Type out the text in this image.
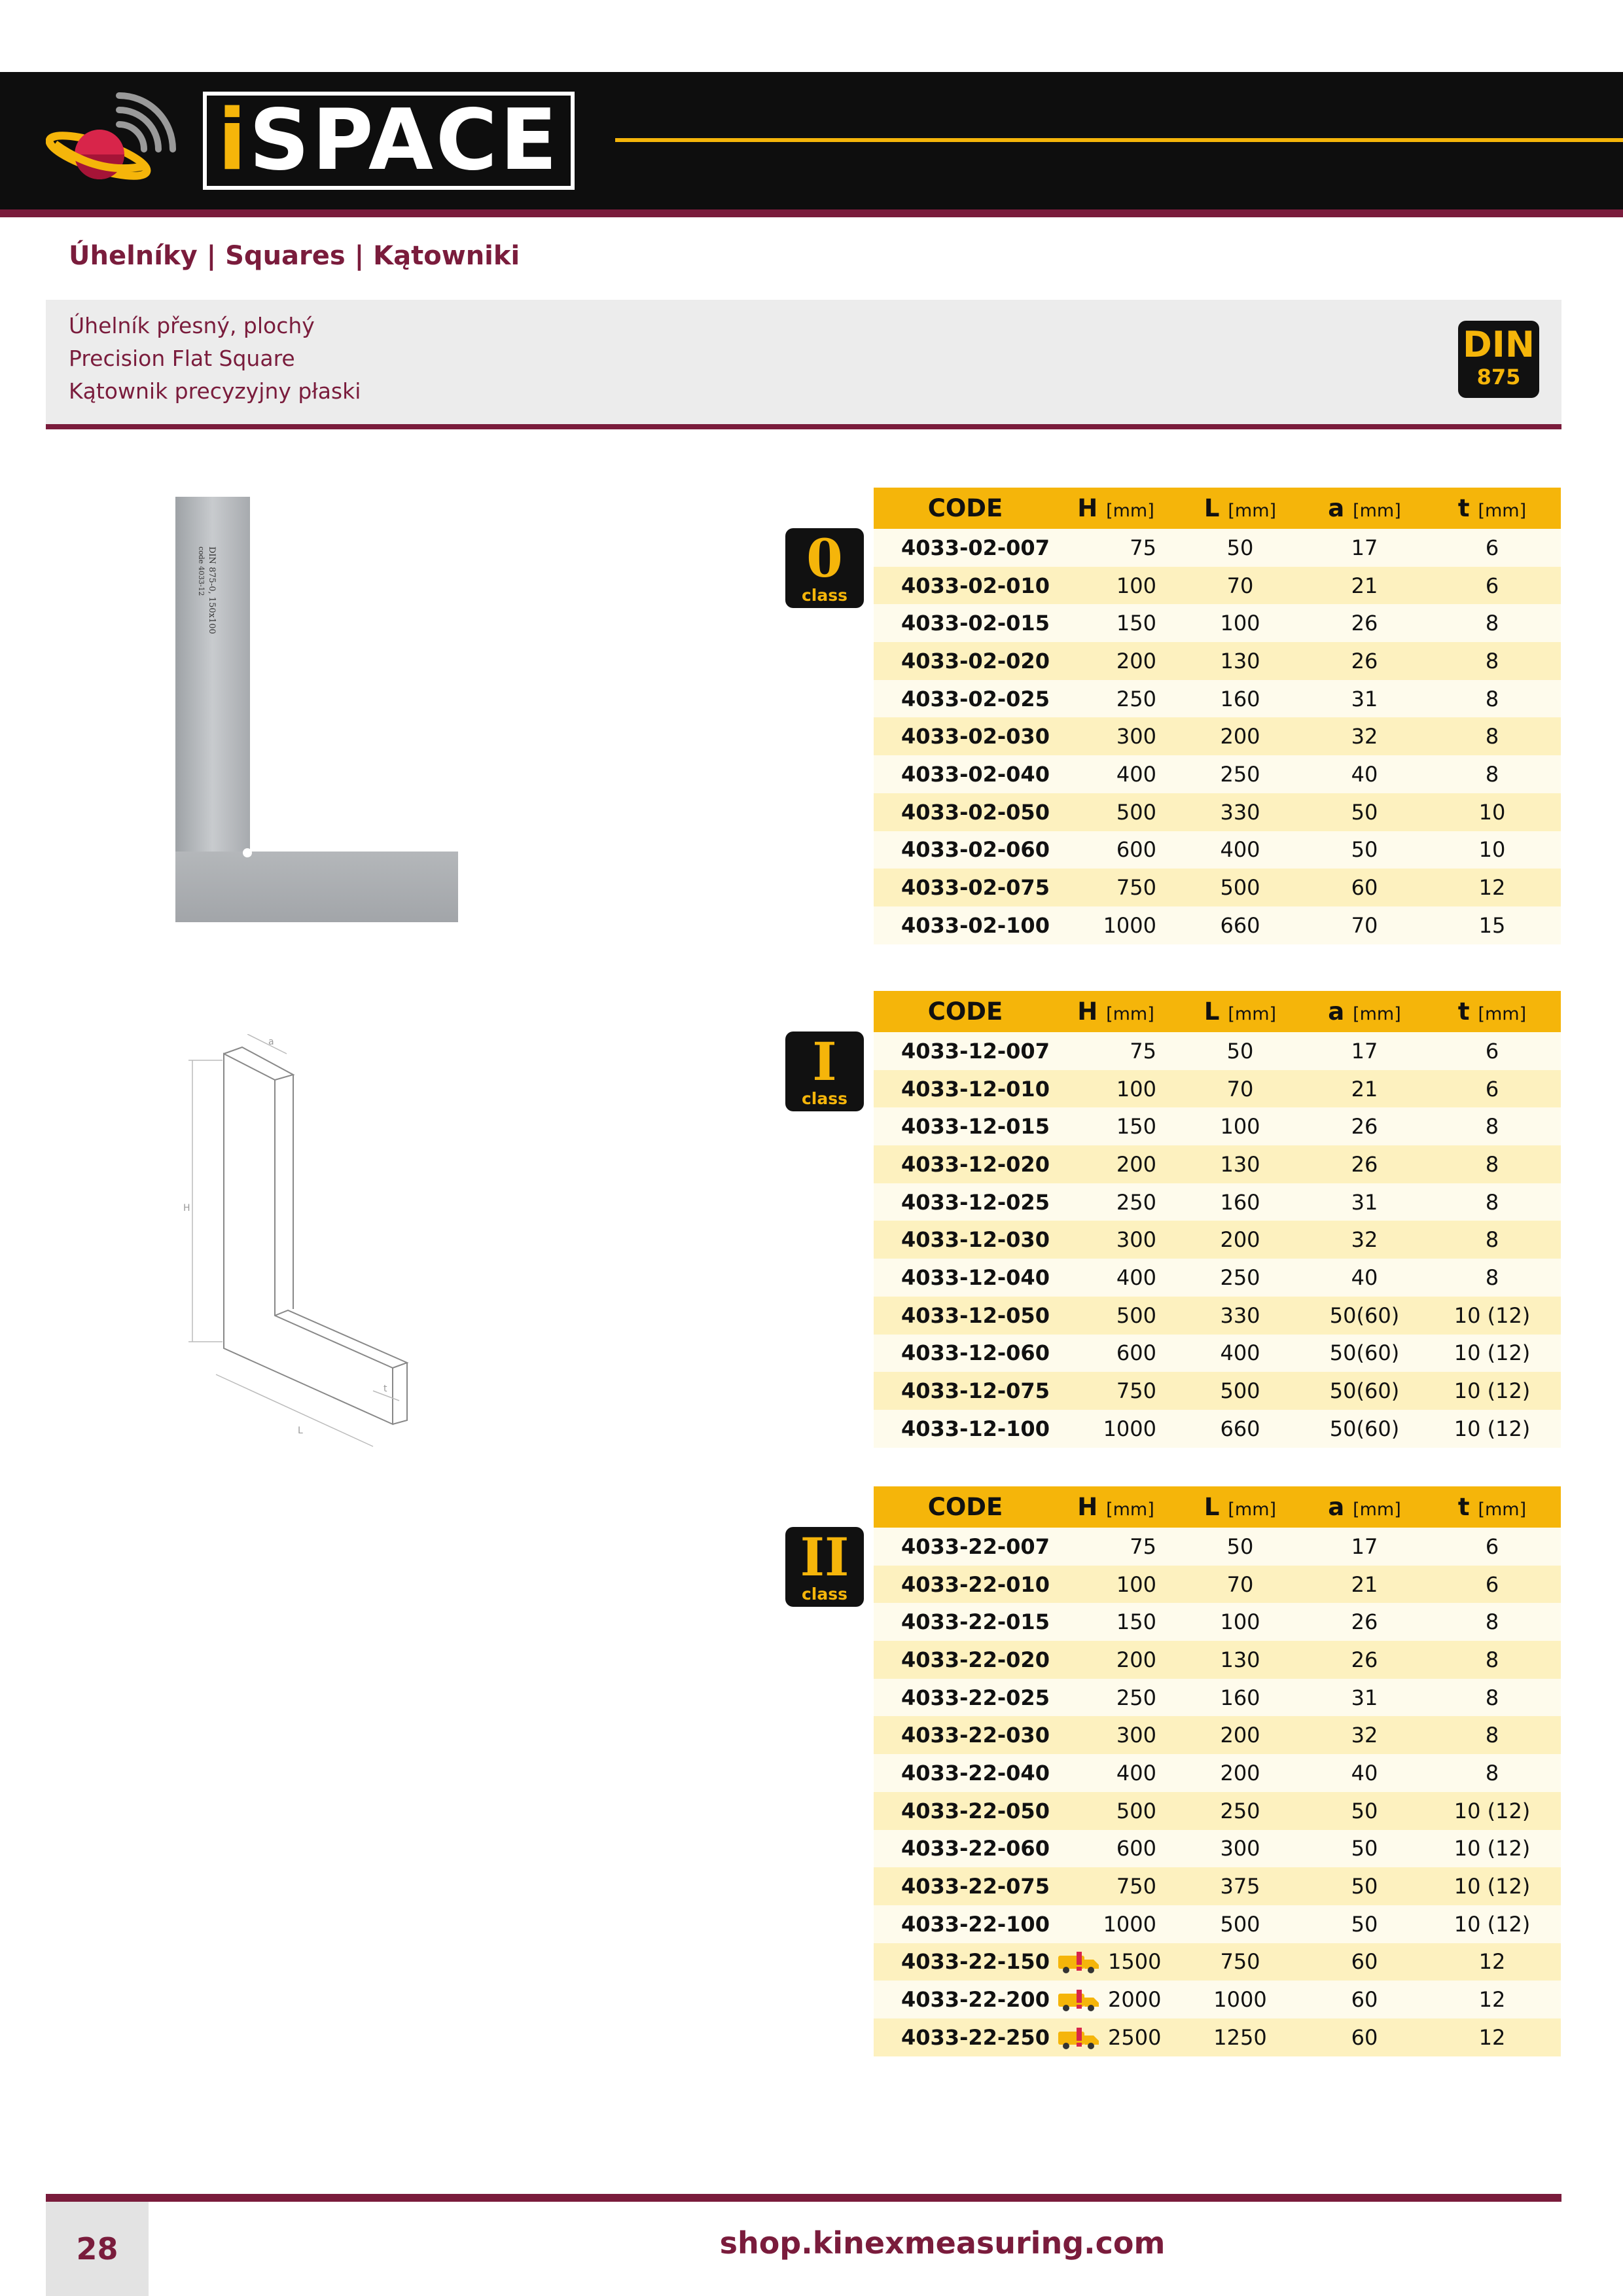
iSPACE
Úhelníky | Squares | Kątowniki
Úhelník přesný, plochý
Precision Flat Square
Kątownik precyzyjny płaski
DIN
875
DIN 875-0, 150x100
code 4033-12
H
L
a
t
0
class
I
class
II
class
CODE	H [mm]	L [mm]	a [mm]	t [mm]
4033-02-007	75	50	17	6
4033-02-010	100	70	21	6
4033-02-015	150	100	26	8
4033-02-020	200	130	26	8
4033-02-025	250	160	31	8
4033-02-030	300	200	32	8
4033-02-040	400	250	40	8
4033-02-050	500	330	50	10
4033-02-060	600	400	50	10
4033-02-075	750	500	60	12
4033-02-100	1000	660	70	15
CODE	H [mm]	L [mm]	a [mm]	t [mm]
4033-12-007	75	50	17	6
4033-12-010	100	70	21	6
4033-12-015	150	100	26	8
4033-12-020	200	130	26	8
4033-12-025	250	160	31	8
4033-12-030	300	200	32	8
4033-12-040	400	250	40	8
4033-12-050	500	330	50(60)	10 (12)
4033-12-060	600	400	50(60)	10 (12)
4033-12-075	750	500	50(60)	10 (12)
4033-12-100	1000	660	50(60)	10 (12)
CODE	H [mm]	L [mm]	a [mm]	t [mm]
4033-22-007	75	50	17	6
4033-22-010	100	70	21	6
4033-22-015	150	100	26	8
4033-22-020	200	130	26	8
4033-22-025	250	160	31	8
4033-22-030	300	200	32	8
4033-22-040	400	200	40	8
4033-22-050	500	250	50	10 (12)
4033-22-060	600	300	50	10 (12)
4033-22-075	750	375	50	10 (12)
4033-22-100	1000	500	50	10 (12)
4033-22-150	1500	750	60	12
4033-22-200	2000	1000	60	12
4033-22-250	2500	1250	60	12
28	shop.kinexmeasuring.com
